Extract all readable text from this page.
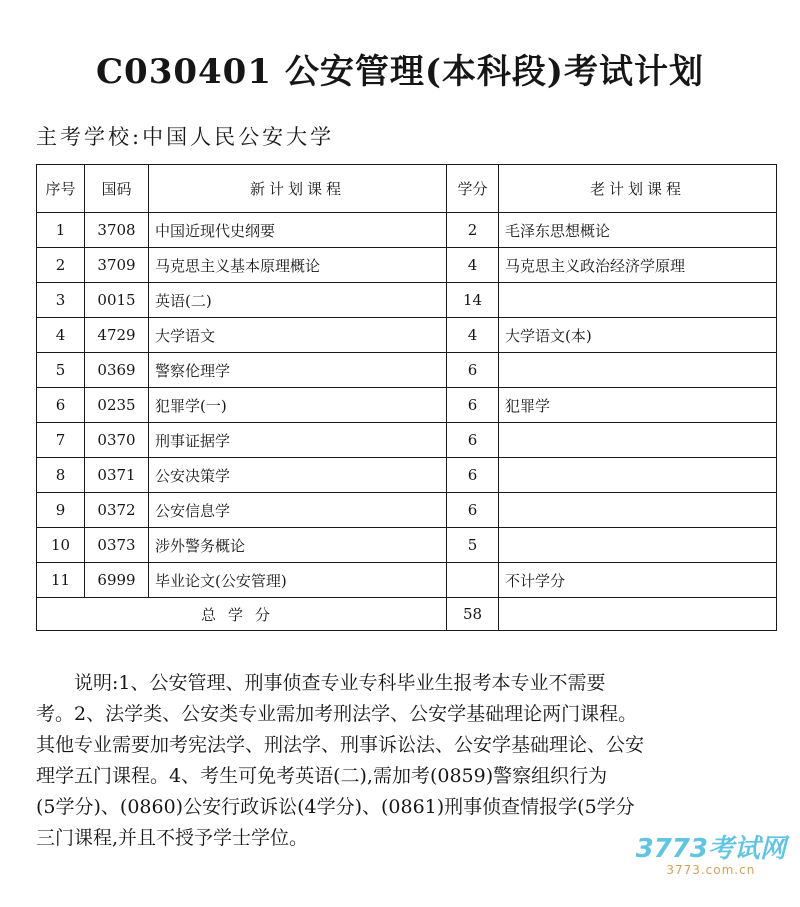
C030401 公安管理(本科段)考试计划
主考学校:中国人民公安大学
序号	国码	新计划课程	学分	老计划课程
1	3708	中国近现代史纲要	2	毛泽东思想概论
2	3709	马克思主义基本原理概论	4	马克思主义政治经济学原理
3	0015	英语(二)	14	
4	4729	大学语文	4	大学语文(本)
5	0369	警察伦理学	6	
6	0235	犯罪学(一)	6	犯罪学
7	0370	刑事证据学	6	
8	0371	公安决策学	6	
9	0372	公安信息学	6	
10	0373	涉外警务概论	5	
11	6999	毕业论文(公安管理)		不计学分
总学分			58	

说明:1、公安管理、刑事侦查专业专科毕业生报考本专业不需要

考。2、法学类、公安类专业需加考刑法学、公安学基础理论两门课程。

其他专业需要加考宪法学、刑法学、刑事诉讼法、公安学基础理论、公安

理学五门课程。4、考生可免考英语(二),需加考(0859)警察组织行为

(5学分)、(0860)公安行政诉讼(4学分)、(0861)刑事侦查情报学(5学分

三门课程,并且不授予学士学位。	3773考试网
3773.com.cn
